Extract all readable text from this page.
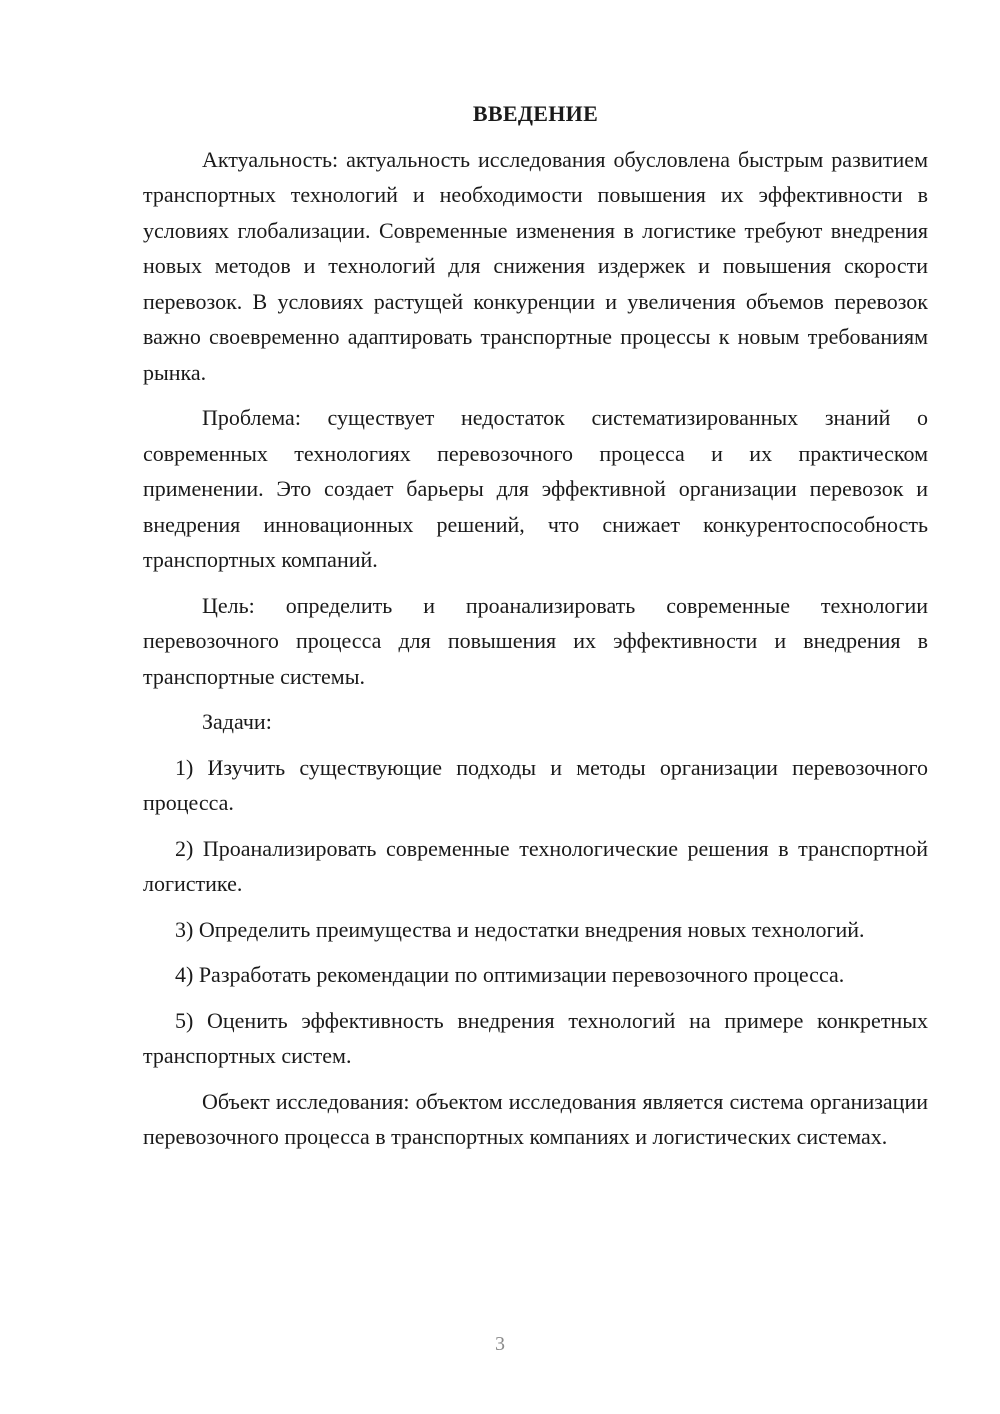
ВВЕДЕНИЕ

Актуальность: актуальность исследования обусловлена быстрым развитием транспортных технологий и необходимости повышения их эффективности в условиях глобализации. Современные изменения в логистике требуют внедрения новых методов и технологий для снижения издержек и повышения скорости перевозок. В условиях растущей конкуренции и увеличения объемов перевозок важно своевременно адаптировать транспортные процессы к новым требованиям рынка.

Проблема: существует недостаток систематизированных знаний о современных технологиях перевозочного процесса и их практическом применении. Это создает барьеры для эффективной организации перевозок и внедрения инновационных решений, что снижает конкурентоспособность транспортных компаний.

Цель: определить и проанализировать современные технологии перевозочного процесса для повышения их эффективности и внедрения в транспортные системы.

Задачи:

1) Изучить существующие подходы и методы организации перевозочного процесса.

2) Проанализировать современные технологические решения в транспортной логистике.

3) Определить преимущества и недостатки внедрения новых технологий.

4) Разработать рекомендации по оптимизации перевозочного процесса.

5) Оценить эффективность внедрения технологий на примере конкретных транспортных систем.

Объект исследования: объектом исследования является система организации перевозочного процесса в транспортных компаниях и логистических системах.

3
